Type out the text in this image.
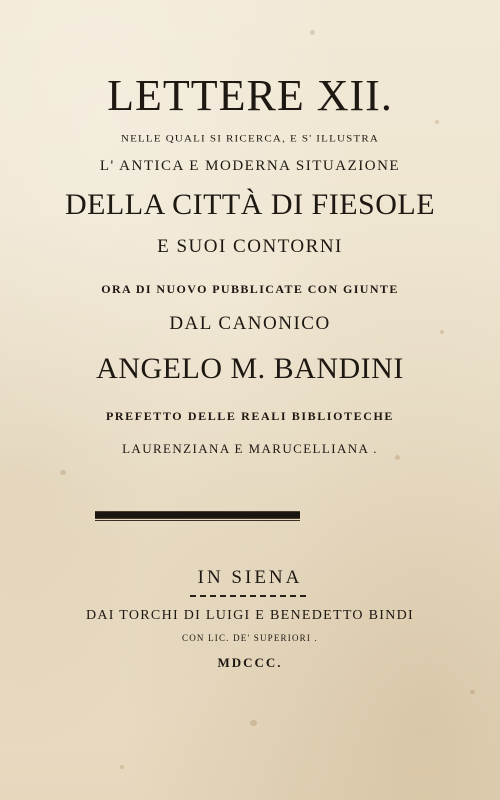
LETTERE XII.
NELLE QUALI SI RICERCA, E S' ILLUSTRA
L' ANTICA E MODERNA SITUAZIONE
DELLA CITTÀ DI FIESOLE
E SUOI CONTORNI
ORA DI NUOVO PUBBLICATE CON GIUNTE
DAL CANONICO
ANGELO M. BANDINI
PREFETTO DELLE REALI BIBLIOTECHE
LAURENZIANA E MARUCELLIANA .
IN SIENA
DAI TORCHI DI LUIGI E BENEDETTO BINDI
CON LIC. DE' SUPERIORI .
MDCCC.
